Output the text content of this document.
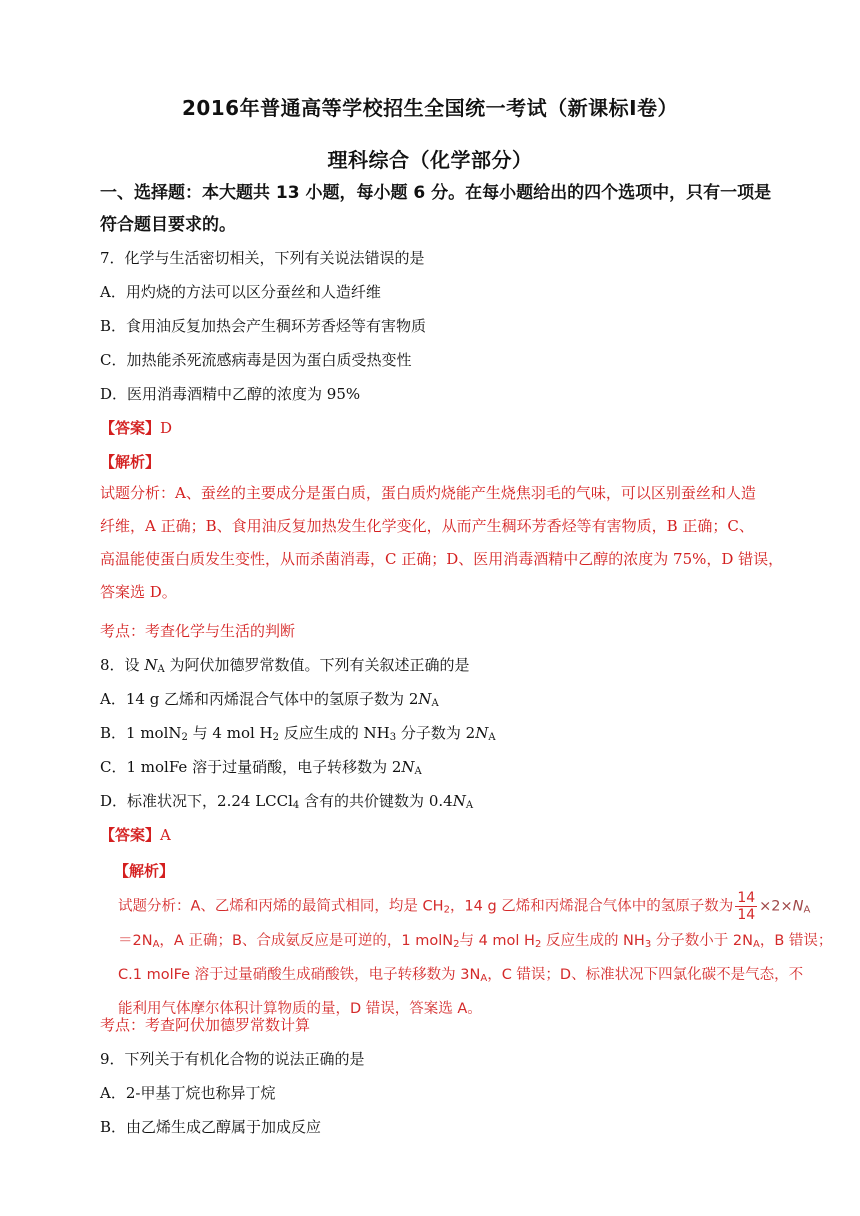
2016年普通高等学校招生全国统一考试（新课标Ⅰ卷）
理科综合（化学部分）
一、选择题：本大题共 13 小题，每小题 6 分。在每小题给出的四个选项中，只有一项是
符合题目要求的。
7．化学与生活密切相关，下列有关说法错误的是
A．用灼烧的方法可以区分蚕丝和人造纤维
B．食用油反复加热会产生稠环芳香烃等有害物质
C．加热能杀死流感病毒是因为蛋白质受热变性
D．医用消毒酒精中乙醇的浓度为 95%
【答案】D
【解析】
试题分析：A、蚕丝的主要成分是蛋白质，蛋白质灼烧能产生烧焦羽毛的气味，可以区别蚕丝和人造
纤维，A 正确；B、食用油反复加热发生化学变化，从而产生稠环芳香烃等有害物质，B 正确；C、
高温能使蛋白质发生变性，从而杀菌消毒，C 正确；D、医用消毒酒精中乙醇的浓度为 75%，D 错误，
答案选 D。
考点：考查化学与生活的判断
8．设 $N_A$ 为阿伏加德罗常数值。下列有关叙述正确的是
A．14 g 乙烯和丙烯混合气体中的氢原子数为 $2N_A$
B．1 molN$_2$ 与 4 mol $H_2$ 反应生成的 $NH_3$ 分子数为 $2N_A$
C．1 molFe 溶于过量硝酸，电子转移数为 $2N_A$
D．标准状况下，2.24 LCCl$_4$ 含有的共价键数为 $0.4N_A$
【答案】A
【解析】
试题分析：A、乙烯和丙烯的最简式相同，均是 $CH_2$，14 g 乙烯和丙烯混合气体中的氢原子数为 $\frac{14}{14} \times 2\times N_A$
$=2N_A$，A 正确；B、合成氨反应是可逆的，1 molN$_2$与 4 mol $H_2$ 反应生成的 $NH_3$ 分子数小于 $2N_A$，B 错误；
C.1 molFe 溶于过量硝酸生成硝酸铁，电子转移数为 $3N_A$，C 错误；D、标准状况下四氯化碳不是气态，不
能利用气体摩尔体积计算物质的量，D 错误，答案选 A。
考点：考查阿伏加德罗常数计算
9．下列关于有机化合物的说法正确的是
A．2-甲基丁烷也称异丁烷
B．由乙烯生成乙醇属于加成反应
